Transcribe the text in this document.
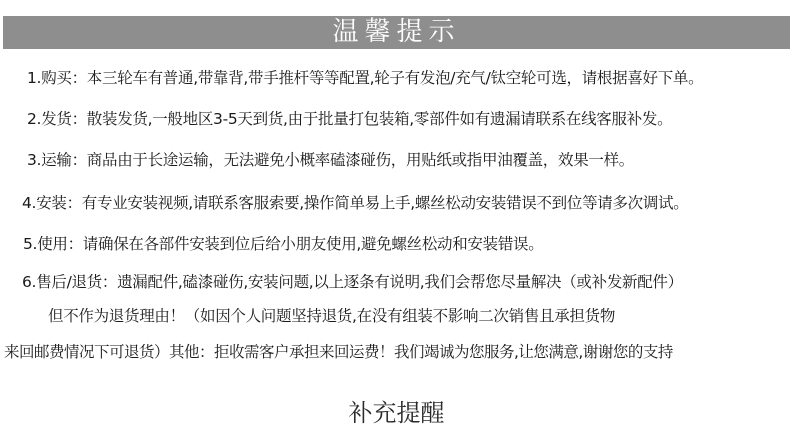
温馨提示
1.购买：本三轮车有普通,带靠背,带手推杆等等配置,轮子有发泡/充气/钛空轮可选，请根据喜好下单。
2.发货：散装发货,一般地区3-5天到货,由于批量打包装箱,零部件如有遗漏请联系在线客服补发。
3.运输：商品由于长途运输，无法避免小概率磕漆碰伤，用贴纸或指甲油覆盖，效果一样。
4.安装：有专业安装视频,请联系客服索要,操作简单易上手,螺丝松动安装错误不到位等请多次调试。
5.使用：请确保在各部件安装到位后给小朋友使用,避免螺丝松动和安装错误。
6.售后/退货：遗漏配件,磕漆碰伤,安装问题,以上逐条有说明,我们会帮您尽量解决（或补发新配件）
但不作为退货理由！（如因个人问题坚持退货,在没有组装不影响二次销售且承担货物
来回邮费情况下可退货）其他：拒收需客户承担来回运费！我们竭诚为您服务,让您满意,谢谢您的支持
补充提醒
